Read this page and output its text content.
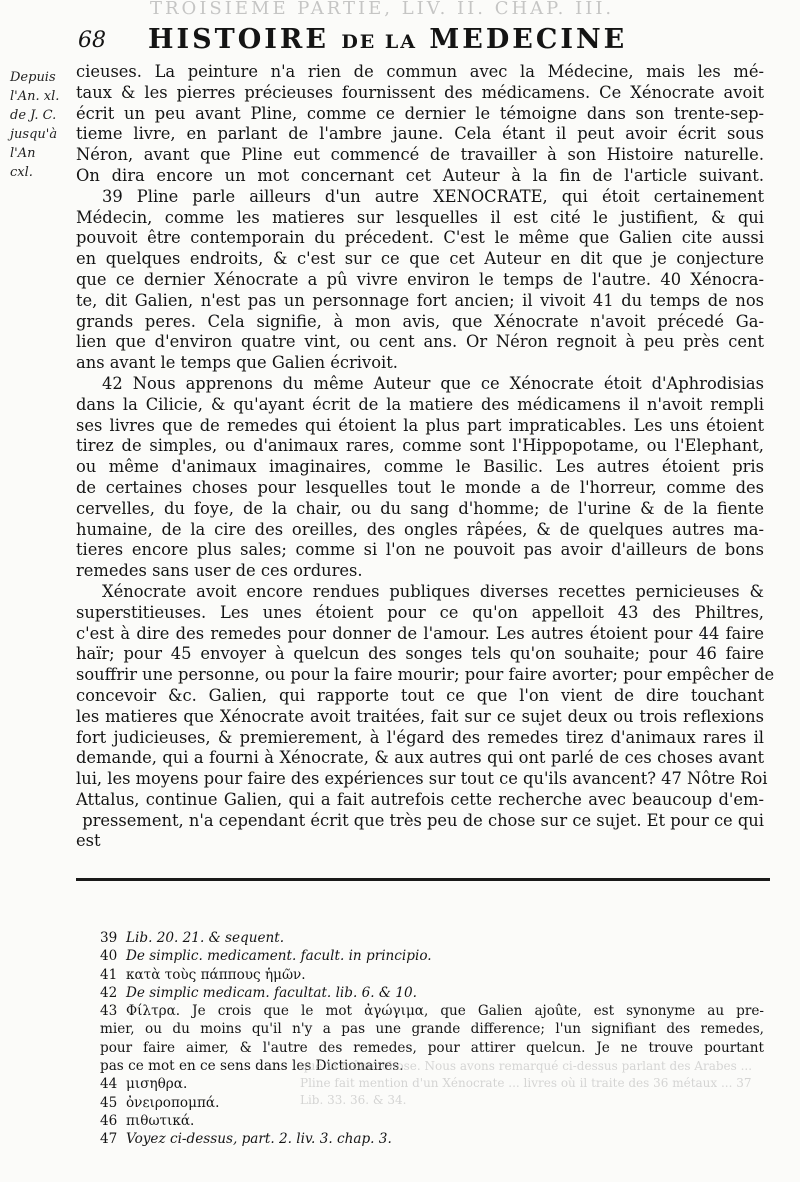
TROISIEME PARTIE, LIV. II. CHAP. III.
68 HISTOIRE DE LA MEDECINE
Depuis
l'An. xl.
de J. C.
jusqu'à
l'An
cxl.
cieuses. La peinture n'a rien de commun avec la Médecine, mais les mé-
taux & les pierres précieuses fournissent des médicamens. Ce Xénocrate avoit
écrit un peu avant Pline, comme ce dernier le témoigne dans son trente-sep-
tieme livre, en parlant de l'ambre jaune. Cela étant il peut avoir écrit sous
Néron, avant que Pline eut commencé de travailler à son Histoire naturelle.
On dira encore un mot concernant cet Auteur à la fin de l'article suivant.
39 Pline parle ailleurs d'un autre XENOCRATE, qui étoit certainement
Médecin, comme les matieres sur lesquelles il est cité le justifient, & qui
pouvoit être contemporain du précedent. C'est le même que Galien cite aussi
en quelques endroits, & c'est sur ce que cet Auteur en dit que je conjecture
que ce dernier Xénocrate a pû vivre environ le temps de l'autre. 40 Xénocra-
te, dit Galien, n'est pas un personnage fort ancien; il vivoit 41 du temps de nos
grands peres. Cela signifie, à mon avis, que Xénocrate n'avoit précedé Ga-
lien que d'environ quatre vint, ou cent ans. Or Néron regnoit à peu près cent
ans avant le temps que Galien écrivoit.
42 Nous apprenons du même Auteur que ce Xénocrate étoit d'Aphrodisias
dans la Cilicie, & qu'ayant écrit de la matiere des médicamens il n'avoit rempli
ses livres que de remedes qui étoient la plus part impraticables. Les uns étoient
tirez de simples, ou d'animaux rares, comme sont l'Hippopotame, ou l'Elephant,
ou même d'animaux imaginaires, comme le Basilic. Les autres étoient pris
de certaines choses pour lesquelles tout le monde a de l'horreur, comme des
cervelles, du foye, de la chair, ou du sang d'homme; de l'urine & de la fiente
humaine, de la cire des oreilles, des ongles râpées, & de quelques autres ma-
tieres encore plus sales; comme si l'on ne pouvoit pas avoir d'ailleurs de bons
remedes sans user de ces ordures.
Xénocrate avoit encore rendues publiques diverses recettes pernicieuses &
superstitieuses. Les unes étoient pour ce qu'on appelloit 43 des Philtres,
c'est à dire des remedes pour donner de l'amour. Les autres étoient pour 44 faire
haïr; pour 45 envoyer à quelcun des songes tels qu'on souhaite; pour 46 faire
souffrir une personne, ou pour la faire mourir; pour faire avorter; pour empêcher de
concevoir &c. Galien, qui rapporte tout ce que l'on vient de dire touchant
les matieres que Xénocrate avoit traitées, fait sur ce sujet deux ou trois reflexions
fort judicieuses, & premierement, à l'égard des remedes tirez d'animaux rares il
demande, qui a fourni à Xénocrate, & aux autres qui ont parlé de ces choses avant
lui, les moyens pour faire des expériences sur tout ce qu'ils avancent? 47 Nôtre Roi
Attalus, continue Galien, qui a fait autrefois cette recherche avec beaucoup d'em-
pressement, n'a cependant écrit que très peu de chose sur ce sujet. Et pour ce qui
est
39 Lib. 20. 21. & sequent.
40 De simplic. medicament. facult. in principio.
41 κατὰ τοὺς πάππους ἡμῶν.
42 De simplic medicam. facultat. lib. 6. & 10.
43 Φίλτρα. Je crois que le mot ἀγώγιμα, que Galien ajoûte, est synonyme au pre-
mier, ou du moins qu'il n'y a pas une grande difference; l'un signifiant des remedes,
pour faire aimer, & l'autre des remedes, pour attirer quelcun. Je ne trouve pourtant
pas ce mot en ce sens dans les Dictionaires.
44 μισηθρα.
45 ὀνειροπομπά.
46 πιθωτικά.
47 Voyez ci-dessus, part. 2. liv. 3. chap. 3.
que la même chose. Nous avons remarqué ci-dessus parlant des Arabes ... Pline fait mention d'un Xénocrate ... livres où il traite des 36 métaux ... 37 Lib. 33. 36. & 34.
